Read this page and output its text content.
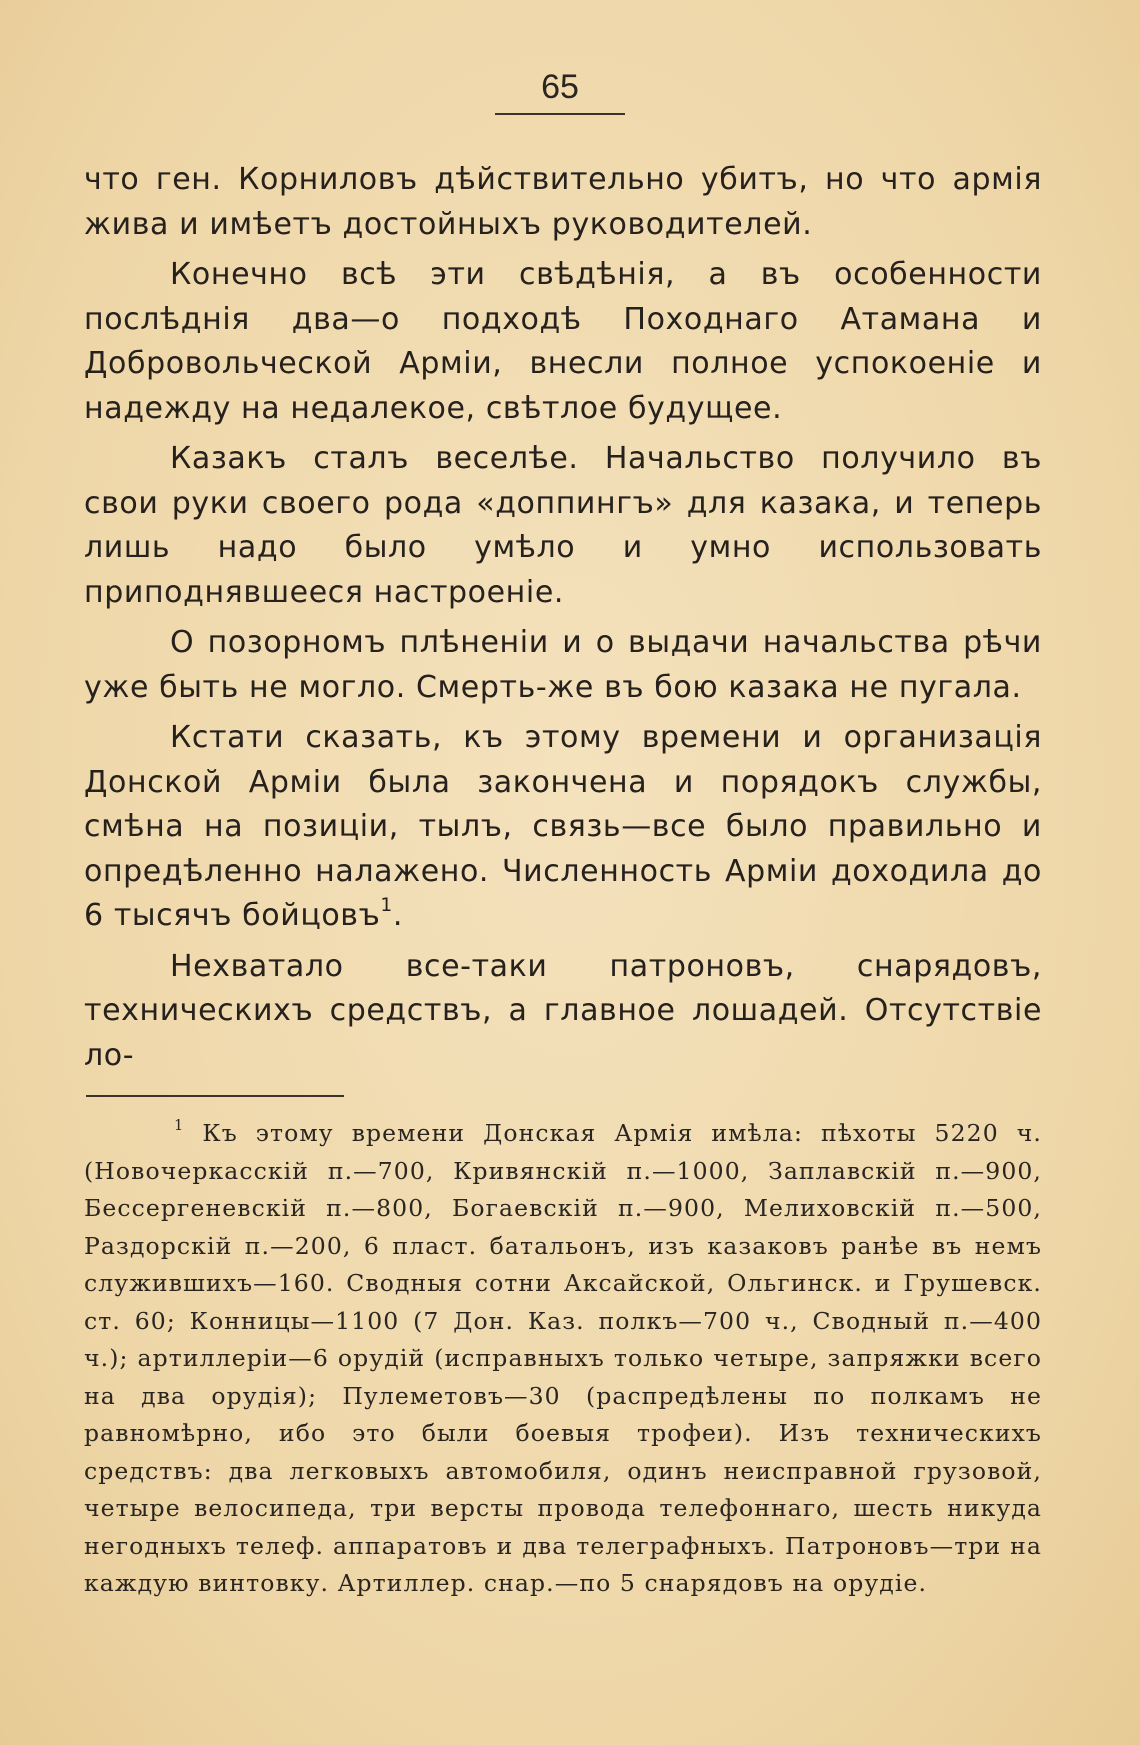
65

что ген. Корниловъ дѣйствительно убитъ, но что армія жива и имѣетъ достойныхъ руководителей.

Конечно всѣ эти свѣдѣнія, а въ особенности послѣднія два—о подходѣ Походнаго Атамана и Добровольческой Арміи, внесли полное успокоеніе и надежду на недалекое, свѣтлое будущее.

Казакъ сталъ веселѣе. Начальство получило въ свои руки своего рода «доппингъ» для казака, и теперь лишь надо было умѣло и умно использовать приподнявшееся настроеніе.

О позорномъ плѣненіи и о выдачи начальства рѣчи уже быть не могло. Смерть-же въ бою казака не пугала.

Кстати сказать, къ этому времени и организація Донской Арміи была закончена и порядокъ службы, смѣна на позиціи, тылъ, связь—все было правильно и опредѣленно налажено. Численность Арміи доходила до 6 тысячъ бойцовъ$^1$.

Нехватало все-таки патроновъ, снарядовъ, техническихъ средствъ, а главное лошадей. Отсутствіе ло-

$^1$ Къ этому времени Донская Армія имѣла: пѣхоты 5220 ч. (Новочеркасскій п.—700, Кривянскій п.—1000, Заплавскій п.—900, Бессергеневскій п.—800, Богаевскій п.—900, Мелиховскій п.—500, Раздорскій п.—200, 6 пласт. батальонъ, изъ казаковъ ранѣе въ немъ служившихъ—160. Сводныя сотни Аксайской, Ольгинск. и Грушевск. ст. 60; Конницы—1100 (7 Дон. Каз. полкъ—700 ч., Сводный п.—400 ч.); артиллеріи—6 орудій (исправныхъ только четыре, запряжки всего на два орудія); Пулеметовъ—30 (распредѣлены по полкамъ не равномѣрно, ибо это были боевыя трофеи). Изъ техническихъ средствъ: два легковыхъ автомобиля, одинъ неисправной грузовой, четыре велосипеда, три версты провода телефоннаго, шесть никуда негодныхъ телеф. аппаратовъ и два телеграфныхъ. Патроновъ—три на каждую винтовку. Артиллер. снар.—по 5 снарядовъ на орудіе.
